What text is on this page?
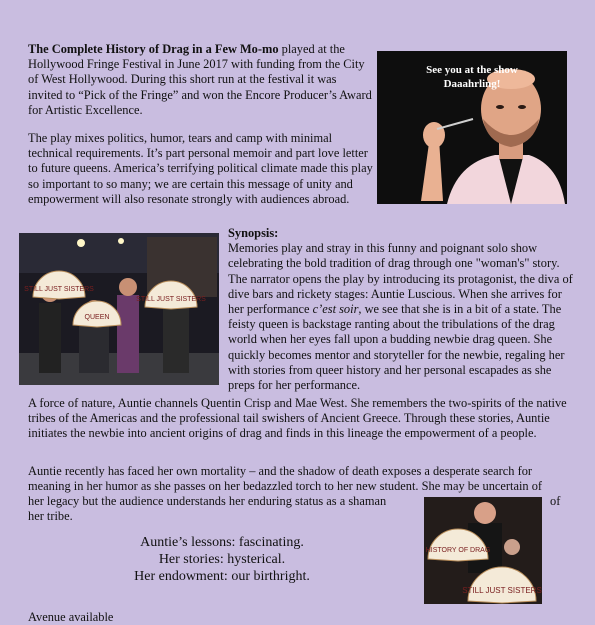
The Complete History of Drag in a Few Mo-mo played at the Hollywood Fringe Festival in June 2017 with funding from the City of West Hollywood. During this short run at the festival it was invited to “Pick of the Fringe” and won the Encore Producer’s Award for Artistic Excellence.

The play mixes politics, humor, tears and camp with minimal technical requirements. It’s part personal memoir and part love letter to future queens. America’s terrifying political climate made this play so important to so many; we are certain this message of unity and empowerment will also resonate strongly with audiences abroad.

See you at the show
Daaahrling!

Synopsis:

Memories play and stray in this funny and poignant solo show celebrating the bold tradition of drag through one "woman's" story. The narrator opens the play by introducing its protagonist, the diva of dive bars and rickety stages: Auntie Luscious. When she arrives for her performance c’est soir, we see that she is in a bit of a state. The feisty queen is backstage ranting about the tribulations of the drag world when her eyes fall upon a budding newbie drag queen. She quickly becomes mentor and storyteller for the newbie, regaling her with stories from queer history and her personal escapades as she preps for her performance.

STILL JUST SISTERS
STILL JUST SISTERS
QUEEN

A force of nature, Auntie channels Quentin Crisp and Mae West. She remembers the two-spirits of the native tribes of the Americas and the professional tail swishers of Ancient Greece. Through these stories, Auntie initiates the newbie into ancient origins of drag and finds in this lineage the empowerment of a people.

Auntie recently has faced her own mortality – and the shadow of death exposes a desperate search for

meaning in her humor as she passes on her bedazzled torch to her new student. She may be uncertain of

her legacy but the audience understands her enduring status as a shaman	of

her tribe.

Auntie’s lessons: fascinating.
Her stories: hysterical.
Her endowment: our birthright.
HISTORY OF DRAG
STILL JUST SISTERS

Avenue available
